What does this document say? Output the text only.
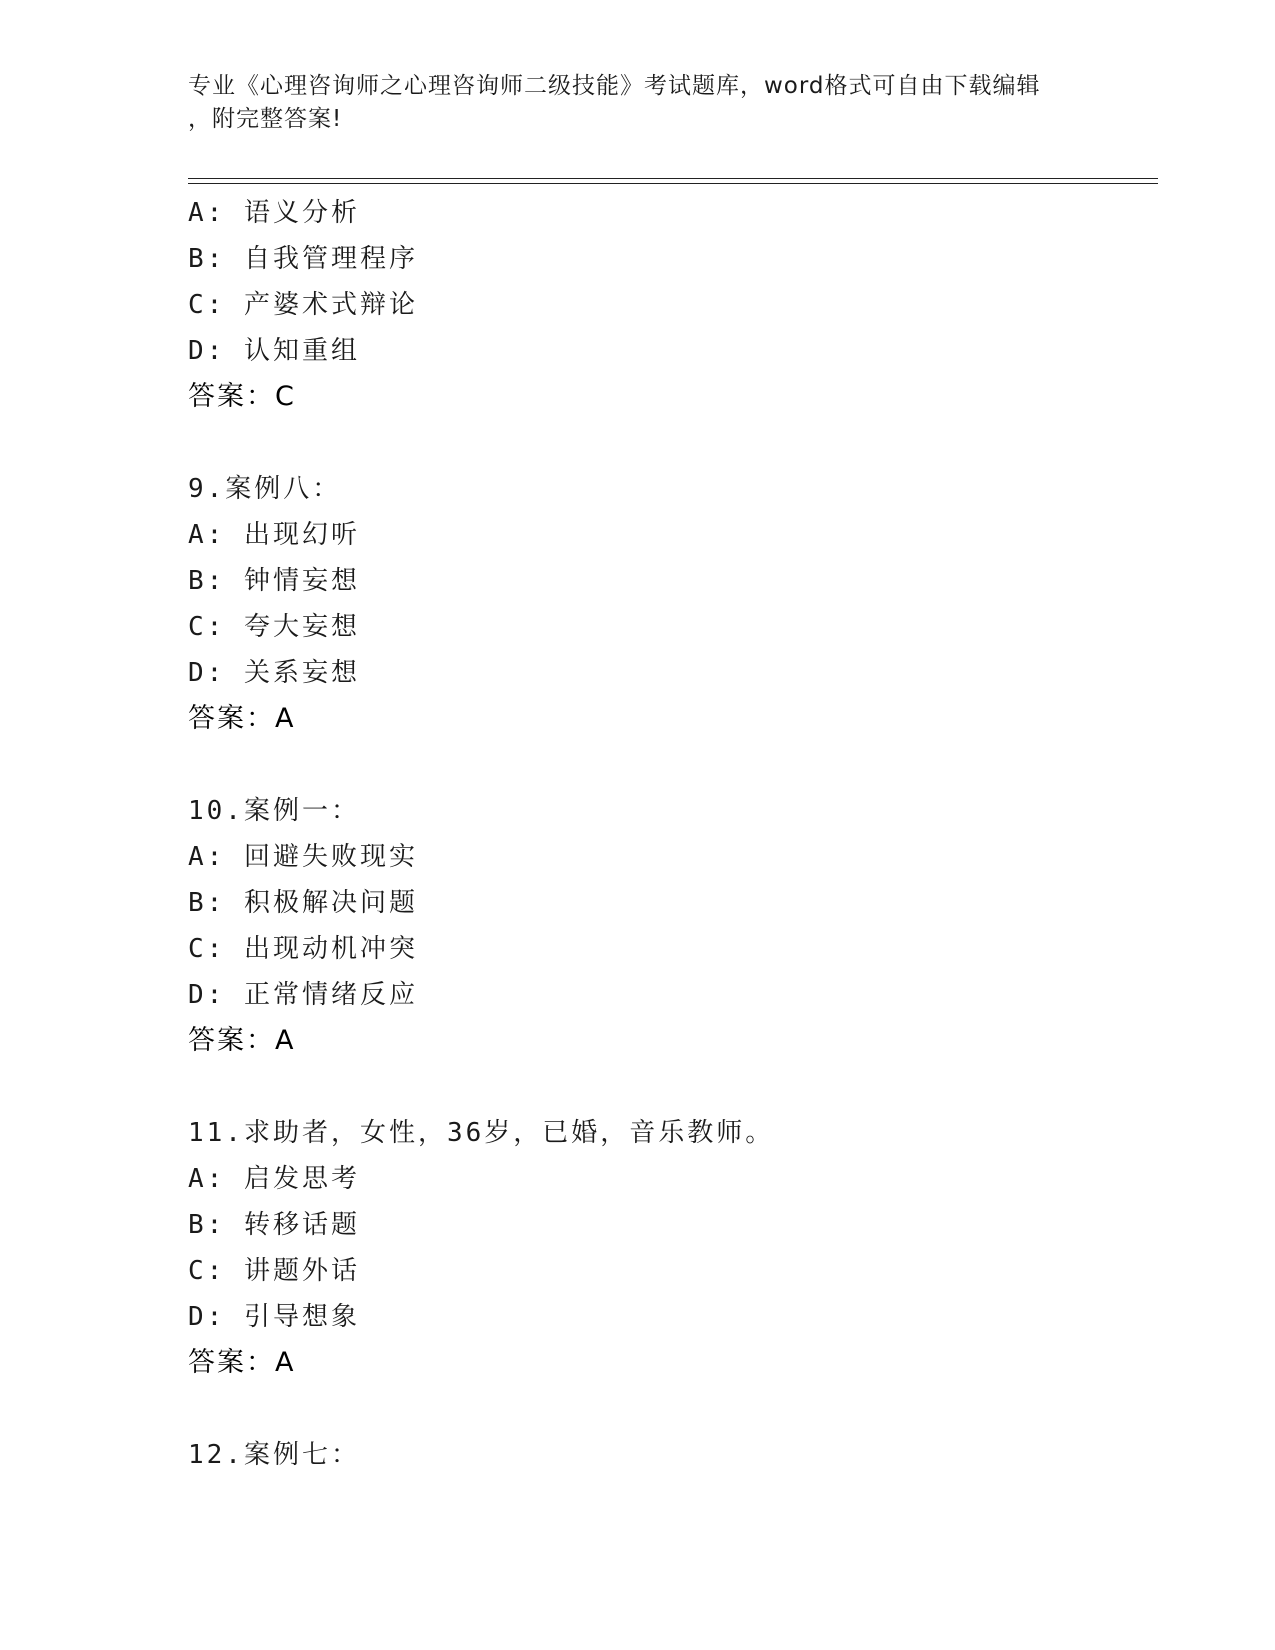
专业《心理咨询师之心理咨询师二级技能》考试题库，word格式可自由下载编辑
，附完整答案!
A: 语义分析
B: 自我管理程序
C: 产婆术式辩论
D: 认知重组
答案：C
9.案例八：
A: 出现幻听
B: 钟情妄想
C: 夸大妄想
D: 关系妄想
答案：A
10.案例一：
A: 回避失败现实
B: 积极解决问题
C: 出现动机冲突
D: 正常情绪反应
答案：A
11.求助者，女性，36岁，已婚，音乐教师。
A: 启发思考
B: 转移话题
C: 讲题外话
D: 引导想象
答案：A
12.案例七：
